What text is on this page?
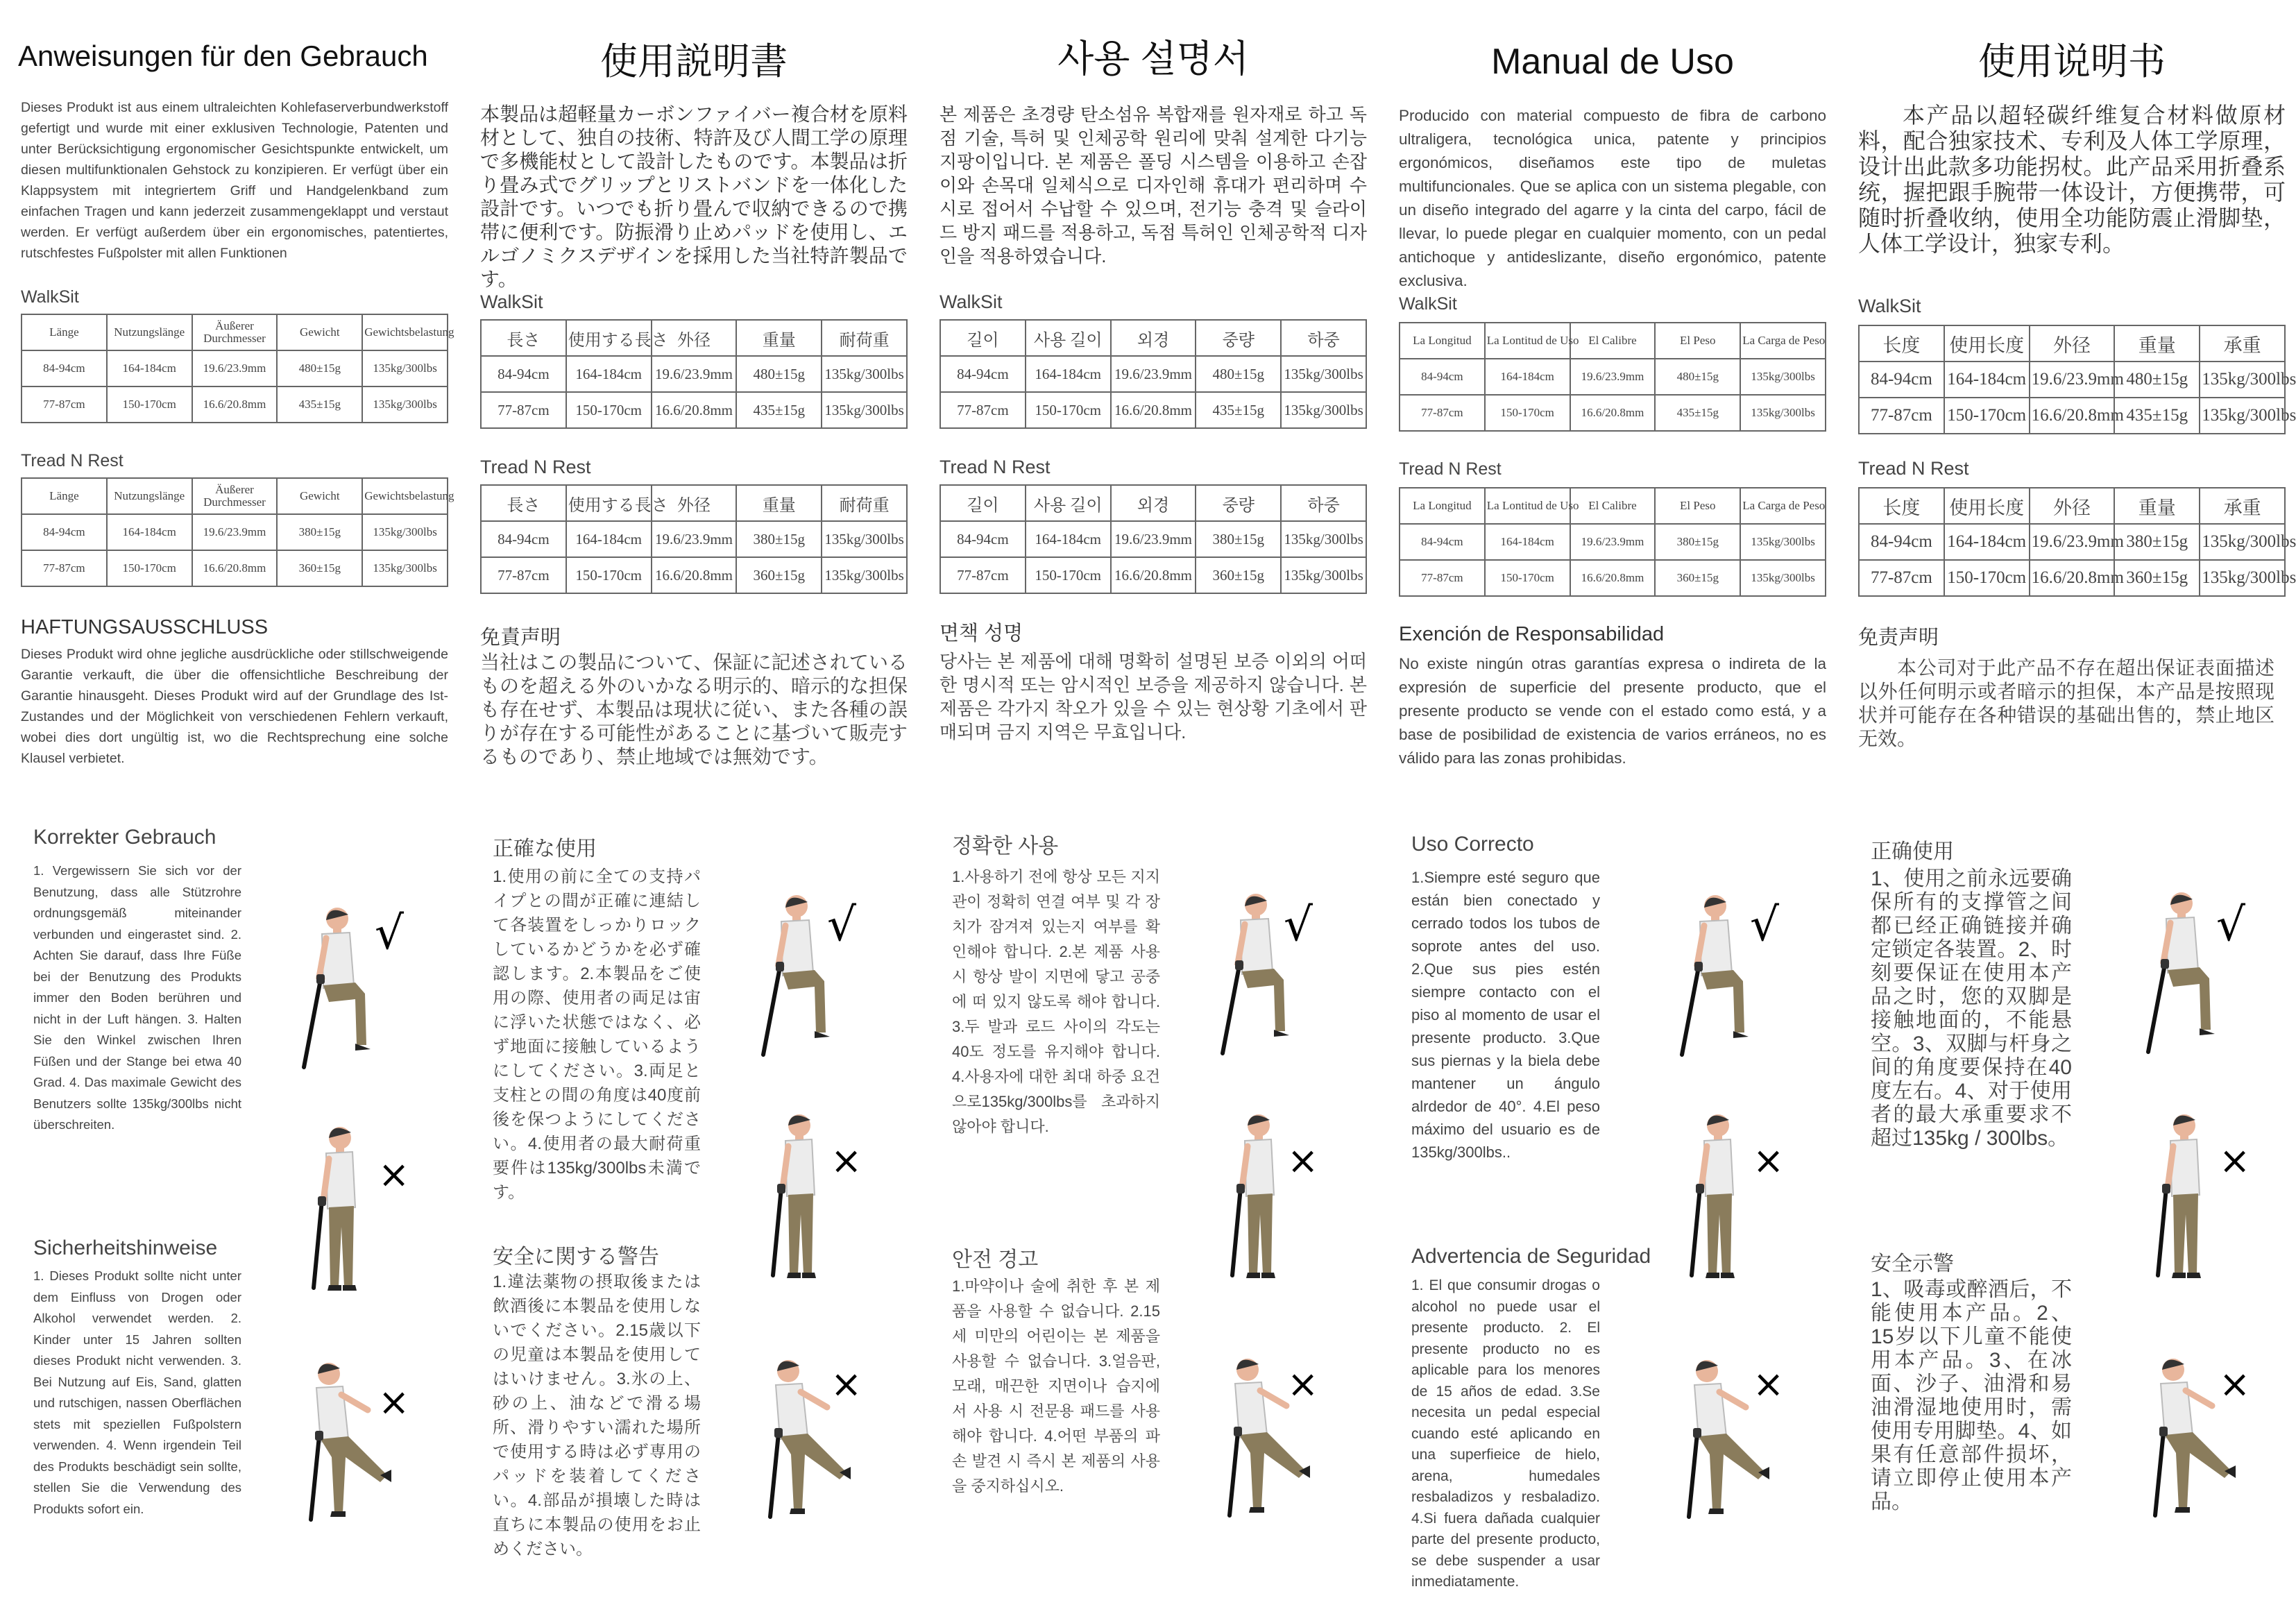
Anweisungen für den Gebrauch

Dieses Produkt ist aus einem ultraleichten Kohlefaserverbundwerkstoff gefertigt und wurde mit einer exklusiven Technologie, Patenten und unter Berücksichtigung ergonomischer Gesichtspunkte entwickelt, um diesen multifunktionalen Gehstock zu konzipieren. Er verfügt über ein Klappsystem mit integriertem Griff und Handgelenkband zum einfachen Tragen und kann jederzeit zusammengeklappt und verstaut werden. Er verfügt außerdem über ein ergonomisches, patentiertes, rutschfestes Fußpolster mit allen Funktionen

WalkSit
Länge	Nutzungslänge	Äußerer Durchmesser	Gewicht	Gewichtsbelastung
84-94cm	164-184cm	19.6/23.9mm	480±15g	135kg/300lbs
77-87cm	150-170cm	16.6/20.8mm	435±15g	135kg/300lbs
Tread N Rest
Länge	Nutzungslänge	Äußerer Durchmesser	Gewicht	Gewichtsbelastung
84-94cm	164-184cm	19.6/23.9mm	380±15g	135kg/300lbs
77-87cm	150-170cm	16.6/20.8mm	360±15g	135kg/300lbs
HAFTUNGSAUSSCHLUSS

Dieses Produkt wird ohne jegliche ausdrückliche oder stillschweigende Garantie verkauft, die über die offensichtliche Beschreibung der Garantie hinausgeht. Dieses Produkt wird auf der Grundlage des Ist-Zustandes und der Möglichkeit von verschiedenen Fehlern verkauft, wobei dies dort ungültig ist, wo die Rechtsprechung eine solche Klausel verbietet.

Korrekter Gebrauch

1. Vergewissern Sie sich vor der Benutzung, dass alle Stützrohre ordnungsgemäß miteinander verbunden und eingerastet sind. 2. Achten Sie darauf, dass Ihre Füße bei der Benutzung des Produkts immer den Boden berühren und nicht in der Luft hängen. 3. Halten Sie den Winkel zwischen Ihren Füßen und der Stange bei etwa 40 Grad. 4. Das maximale Gewicht des Benutzers sollte 135kg/300lbs nicht überschreiten.

Sicherheitshinweise

1. Dieses Produkt sollte nicht unter dem Einfluss von Drogen oder Alkohol verwendet werden. 2. Kinder unter 15 Jahren sollten dieses Produkt nicht verwenden. 3. Bei Nutzung auf Eis, Sand, glatten und rutschigen, nassen Oberflächen stets mit speziellen Fußpolstern verwenden. 4. Wenn irgendein Teil des Produkts beschädigt sein sollte, stellen Sie die Verwendung des Produkts sofort ein.

√
×
×
使用説明書

本製品は超軽量カーボンファイバー複合材を原料材として、独自の技術、特許及び人間工学の原理で多機能杖として設計したものです。本製品は折り畳み式でグリップとリストバンドを一体化した設計です。いつでも折り畳んで収納できるので携帯に便利です。防振滑り止めパッドを使用し、エルゴノミクスデザインを採用した当社特許製品です。

WalkSit
長さ	使用する長さ	外径	重量	耐荷重
84-94cm	164-184cm	19.6/23.9mm	480±15g	135kg/300lbs
77-87cm	150-170cm	16.6/20.8mm	435±15g	135kg/300lbs
Tread N Rest
長さ	使用する長さ	外径	重量	耐荷重
84-94cm	164-184cm	19.6/23.9mm	380±15g	135kg/300lbs
77-87cm	150-170cm	16.6/20.8mm	360±15g	135kg/300lbs
免責声明

当社はこの製品について、保証に記述されているものを超える外のいかなる明示的、暗示的な担保も存在せず、本製品は現状に従い、また各種の誤りが存在する可能性があることに基づいて販売するものであり、禁止地域では無効です。

正確な使用

1.使用の前に全ての支持パイプとの間が正確に連結して各装置をしっかりロックしているかどうかを必ず確認します。2.本製品をご使用の際、使用者の両足は宙に浮いた状態ではなく、必ず地面に接触しているようにしてください。3.両足と支柱との間の角度は40度前後を保つようにしてください。4.使用者の最大耐荷重要件は135kg/300lbs未満です。

安全に関する警告

1.違法薬物の摂取後または飲酒後に本製品を使用しないでください。2.15歳以下の児童は本製品を使用してはいけません。3.氷の上、砂の上、油などで滑る場所、滑りやすい濡れた場所で使用する時は必ず専用のパッドを装着してください。4.部品が損壊した時は直ちに本製品の使用をお止めください。

√
×
×
사용 설명서

본 제품은 초경량 탄소섬유 복합재를 원자재로 하고 독점 기술, 특허 및 인체공학 원리에 맞춰 설계한 다기능 지팡이입니다. 본 제품은 폴딩 시스템을 이용하고 손잡이와 손목대 일체식으로 디자인해 휴대가 편리하며 수시로 접어서 수납할 수 있으며, 전기능 충격 및 슬라이드 방지 패드를 적용하고, 독점 특허인 인체공학적 디자인을 적용하였습니다.

WalkSit
길이	사용 길이	외경	중량	하중
84-94cm	164-184cm	19.6/23.9mm	480±15g	135kg/300lbs
77-87cm	150-170cm	16.6/20.8mm	435±15g	135kg/300lbs
Tread N Rest
길이	사용 길이	외경	중량	하중
84-94cm	164-184cm	19.6/23.9mm	380±15g	135kg/300lbs
77-87cm	150-170cm	16.6/20.8mm	360±15g	135kg/300lbs
면책 성명

당사는 본 제품에 대해 명확히 설명된 보증 이외의 어떠한 명시적 또는 암시적인 보증을 제공하지 않습니다. 본 제품은 각가지 착오가 있을 수 있는 현상황 기초에서 판매되며 금지 지역은 무효입니다.

정확한 사용

1.사용하기 전에 항상 모든 지지관이 정확히 연결 여부 및 각 장치가 잠겨져 있는지 여부를 확인해야 합니다. 2.본 제품 사용 시 항상 발이 지면에 닿고 공중에 떠 있지 않도록 해야 합니다. 3.두 발과 로드 사이의 각도는 40도 정도를 유지해야 합니다. 4.사용자에 대한 최대 하중 요건으로135kg/300lbs를 초과하지 않아야 합니다.

안전 경고

1.마약이나 술에 취한 후 본 제품을 사용할 수 없습니다. 2.15세 미만의 어린이는 본 제품을 사용할 수 없습니다. 3.얼음판, 모래, 매끈한 지면이나 습지에서 사용 시 전문용 패드를 사용해야 합니다. 4.어떤 부품의 파손 발견 시 즉시 본 제품의 사용을 중지하십시오.

√
×
×
Manual de Uso

Producido con material compuesto de fibra de carbono ultraligera, tecnológica unica, patente y principios ergonómicos, diseñamos este tipo de muletas multifuncionales. Que se aplica con un sistema plegable, con un diseño integrado del agarre y la cinta del carpo, fácil de llevar, lo puede plegar en cualquier momento, con un pedal antichoque y antideslizante, diseño ergonómico, patente exclusiva.

WalkSit
La Longitud	La Lontitud de Uso	El Calibre	El Peso	La Carga de Peso
84-94cm	164-184cm	19.6/23.9mm	480±15g	135kg/300lbs
77-87cm	150-170cm	16.6/20.8mm	435±15g	135kg/300lbs
Tread N Rest
La Longitud	La Lontitud de Uso	El Calibre	El Peso	La Carga de Peso
84-94cm	164-184cm	19.6/23.9mm	380±15g	135kg/300lbs
77-87cm	150-170cm	16.6/20.8mm	360±15g	135kg/300lbs
Exención de Responsabilidad

No existe ningún otras garantías expresa o indireta de la expresión de superficie del presente producto, que el presente producto se vende con el estado como está, y a base de posibilidad de existencia de varios erráneos, no es válido para las zonas prohibidas.

Uso Correcto

1.Siempre esté seguro que están bien conectado y cerrado todos los tubos de soprote antes del uso. 2.Que sus pies estén siempre contacto con el piso al momento de usar el presente producto. 3.Que sus piernas y la biela debe mantener un ángulo alrdedor de 40°. 4.El peso máximo del usuario es de 135kg/300lbs..

Advertencia de Seguridad

1. El que consumir drogas o alcohol no puede usar el presente producto. 2. El presente producto no es aplicable para los menores de 15 años de edad. 3.Se necesita un pedal especial cuando esté aplicando en una superfieice de hielo, arena, humedales resbaladizos y resbaladizo. 4.Si fuera dañada cualquier parte del presente producto, se debe suspender a usar inmediatamente.

√
×
×
使用说明书

本产品以超轻碳纤维复合材料做原材料，配合独家技术、专利及人体工学原理，设计出此款多功能拐杖。此产品采用折叠系统，握把跟手腕带一体设计，方便携带，可随时折叠收纳，使用全功能防震止滑脚垫，人体工学设计，独家专利。

WalkSit
长度	使用长度	外径	重量	承重
84-94cm	164-184cm	19.6/23.9mm	480±15g	135kg/300lbs
77-87cm	150-170cm	16.6/20.8mm	435±15g	135kg/300lbs
Tread N Rest
长度	使用长度	外径	重量	承重
84-94cm	164-184cm	19.6/23.9mm	380±15g	135kg/300lbs
77-87cm	150-170cm	16.6/20.8mm	360±15g	135kg/300lbs
免责声明

本公司对于此产品不存在超出保证表面描述以外任何明示或者暗示的担保，本产品是按照现状并可能存在各种错误的基础出售的，禁止地区无效。

正确使用

1、使用之前永远要确保所有的支撑管之间都已经正确链接并确定锁定各装置。2、时刻要保证在使用本产品之时，您的双脚是接触地面的，不能悬空。3、双脚与杆身之间的角度要保持在40度左右。4、对于使用者的最大承重要求不超过135kg / 300lbs。

安全示警

1、吸毒或醉酒后，不能使用本产品。2、15岁以下儿童不能使用本产品。3、在冰面、沙子、油滑和易油滑湿地使用时，需使用专用脚垫。4、如果有任意部件损坏，请立即停止使用本产品。

√
×
×
